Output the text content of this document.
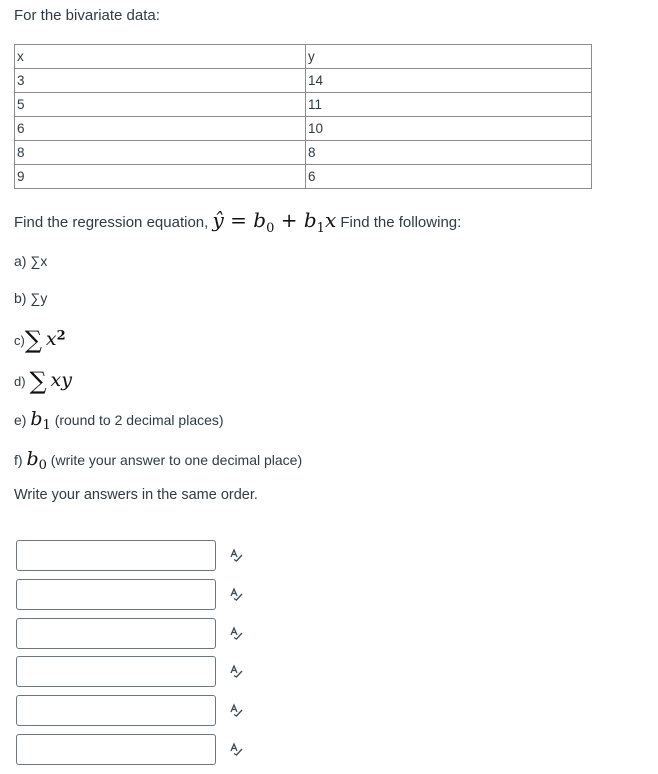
For the bivariate data:
x	y
3	14
5	11
6	10
8	8
9	6
Find the regression equation, ŷ = $b_0 + b_1x$ Find the following:
a) ∑x
b) ∑y
c)∑ $x^2$
d) ∑ xy
e) $b_1$ (round to 2 decimal places)
f) $b_0$ (write your answer to one decimal place)
Write your answers in the same order.
